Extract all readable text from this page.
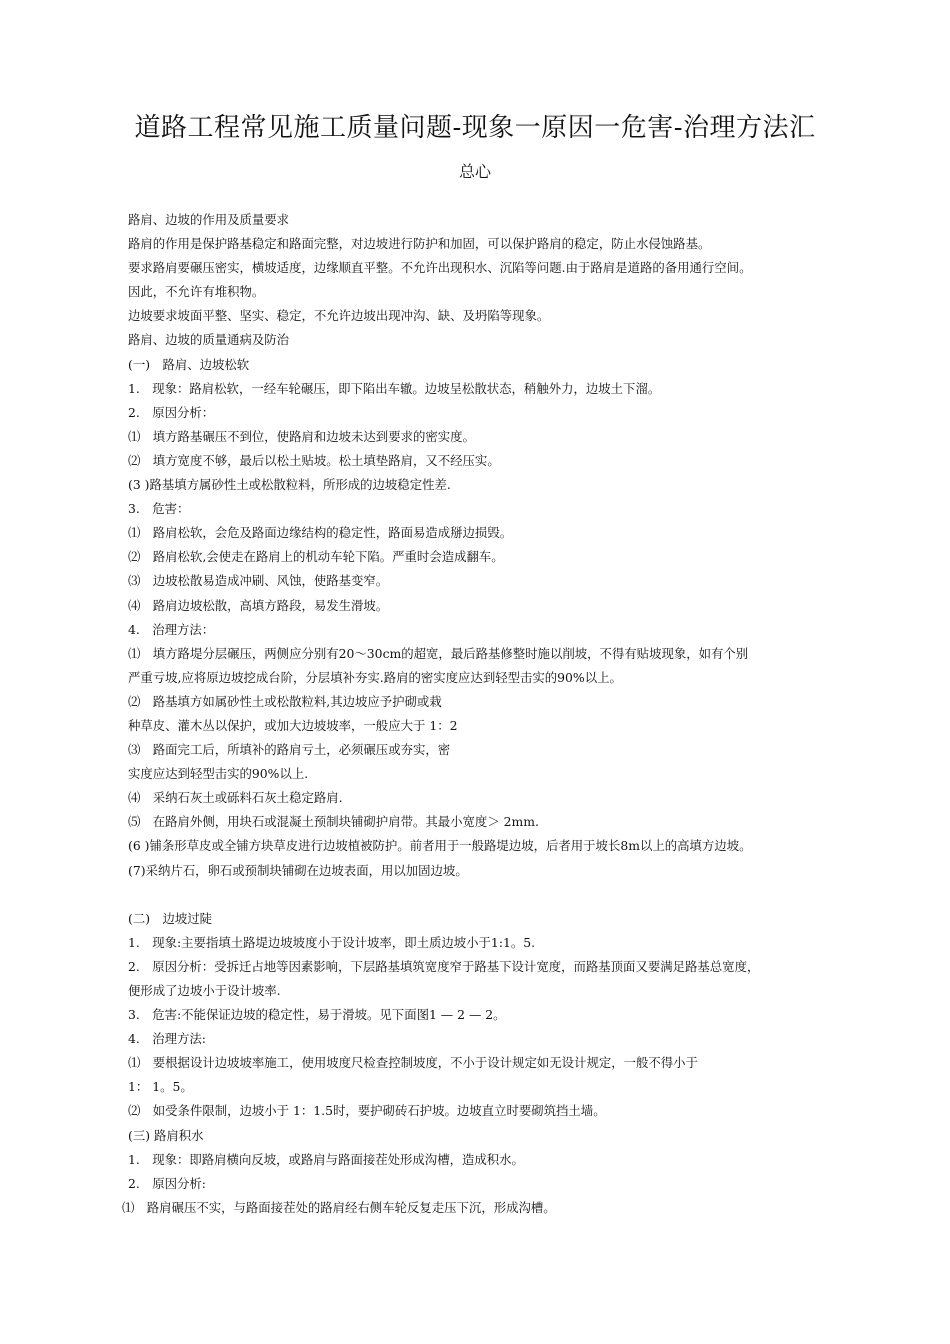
道路工程常见施工质量问题-现象一原因一危害-治理方法汇
总心
路肩、边坡的作用及质量要求
路肩的作用是保护路基稳定和路面完整，对边坡进行防护和加固，可以保护路肩的稳定，防止水侵蚀路基。
要求路肩要碾压密实，横坡适度，边缘顺直平整。不允许出现积水、沉陷等问题.由于路肩是道路的备用通行空间。
因此，不允许有堆积物。
边坡要求坡面平整、坚实、稳定，不允许边坡出现冲沟、缺、及坍陷等现象。
路肩、边坡的质量通病及防治
(一)　路肩、边坡松软
1.　现象：路肩松软，一经车轮碾压，即下陷出车辙。边坡呈松散状态，稍触外力，边坡土下溜。
2.　原因分析：
⑴　填方路基碾压不到位，使路肩和边坡未达到要求的密实度。
⑵　填方宽度不够，最后以松土贴坡。松土填垫路肩，又不经压实。
(3 )路基填方属砂性土或松散粒料，所形成的边坡稳定性差.
3.　危害：
⑴　路肩松软，会危及路面边缘结构的稳定性，路面易造成掰边损毁。
⑵　路肩松软,会使走在路肩上的机动车轮下陷。严重时会造成翻车。
⑶　边坡松散易造成冲刷、风蚀，使路基变窄。
⑷　路肩边坡松散，高填方路段，易发生滑坡。
4.　治理方法：
⑴　填方路堤分层碾压，两侧应分别有20〜30cm的超宽，最后路基修整时施以削坡，不得有贴坡现象，如有个别
严重亏坡,应将原边坡挖成台阶，分层填补夯实.路肩的密实度应达到轻型击实的90%以上。
⑵　路基填方如属砂性土或松散粒料,其边坡应予护砌或栽
种草皮、灌木丛以保护，或加大边坡坡率，一般应大于 1：2
⑶　路面完工后，所填补的路肩亏土，必须碾压或夯实，密
实度应达到轻型击实的90%以上.
⑷　采纳石灰土或砾料石灰土稳定路肩.
⑸　在路肩外侧，用块石或混凝土预制块铺砌护肩带。其最小宽度＞ 2mm.
(6 )铺条形草皮或全铺方块草皮进行边坡植被防护。前者用于一般路堤边坡，后者用于坡长8m以上的高填方边坡。
(7)采纳片石，卵石或预制块铺砌在边坡表面，用以加固边坡。
(二)　边坡过陡
1.　现象:主要指填土路堤边坡坡度小于设计坡率，即土质边坡小于1:1。5.
2.　原因分析：受拆迁占地等因素影响，下层路基填筑宽度窄于路基下设计宽度，而路基顶面又要满足路基总宽度，
便形成了边坡小于设计坡率.
3.　危害:不能保证边坡的稳定性，易于滑坡。见下面图1 — 2 — 2。
4.　治理方法:
⑴　要根据设计边坡坡率施工，使用坡度尺检查控制坡度，不小于设计规定如无设计规定，一般不得小于
1： 1。5。
⑵　如受条件限制，边坡小于 1：1.5时，要护砌砖石护坡。边坡直立时要砌筑挡土墙。
(三) 路肩积水
1.　现象：即路肩横向反坡，或路肩与路面接茬处形成沟槽，造成积水。
2.　原因分析:
⑴　路肩碾压不实，与路面接茬处的路肩经右侧车轮反复走压下沉，形成沟槽。
